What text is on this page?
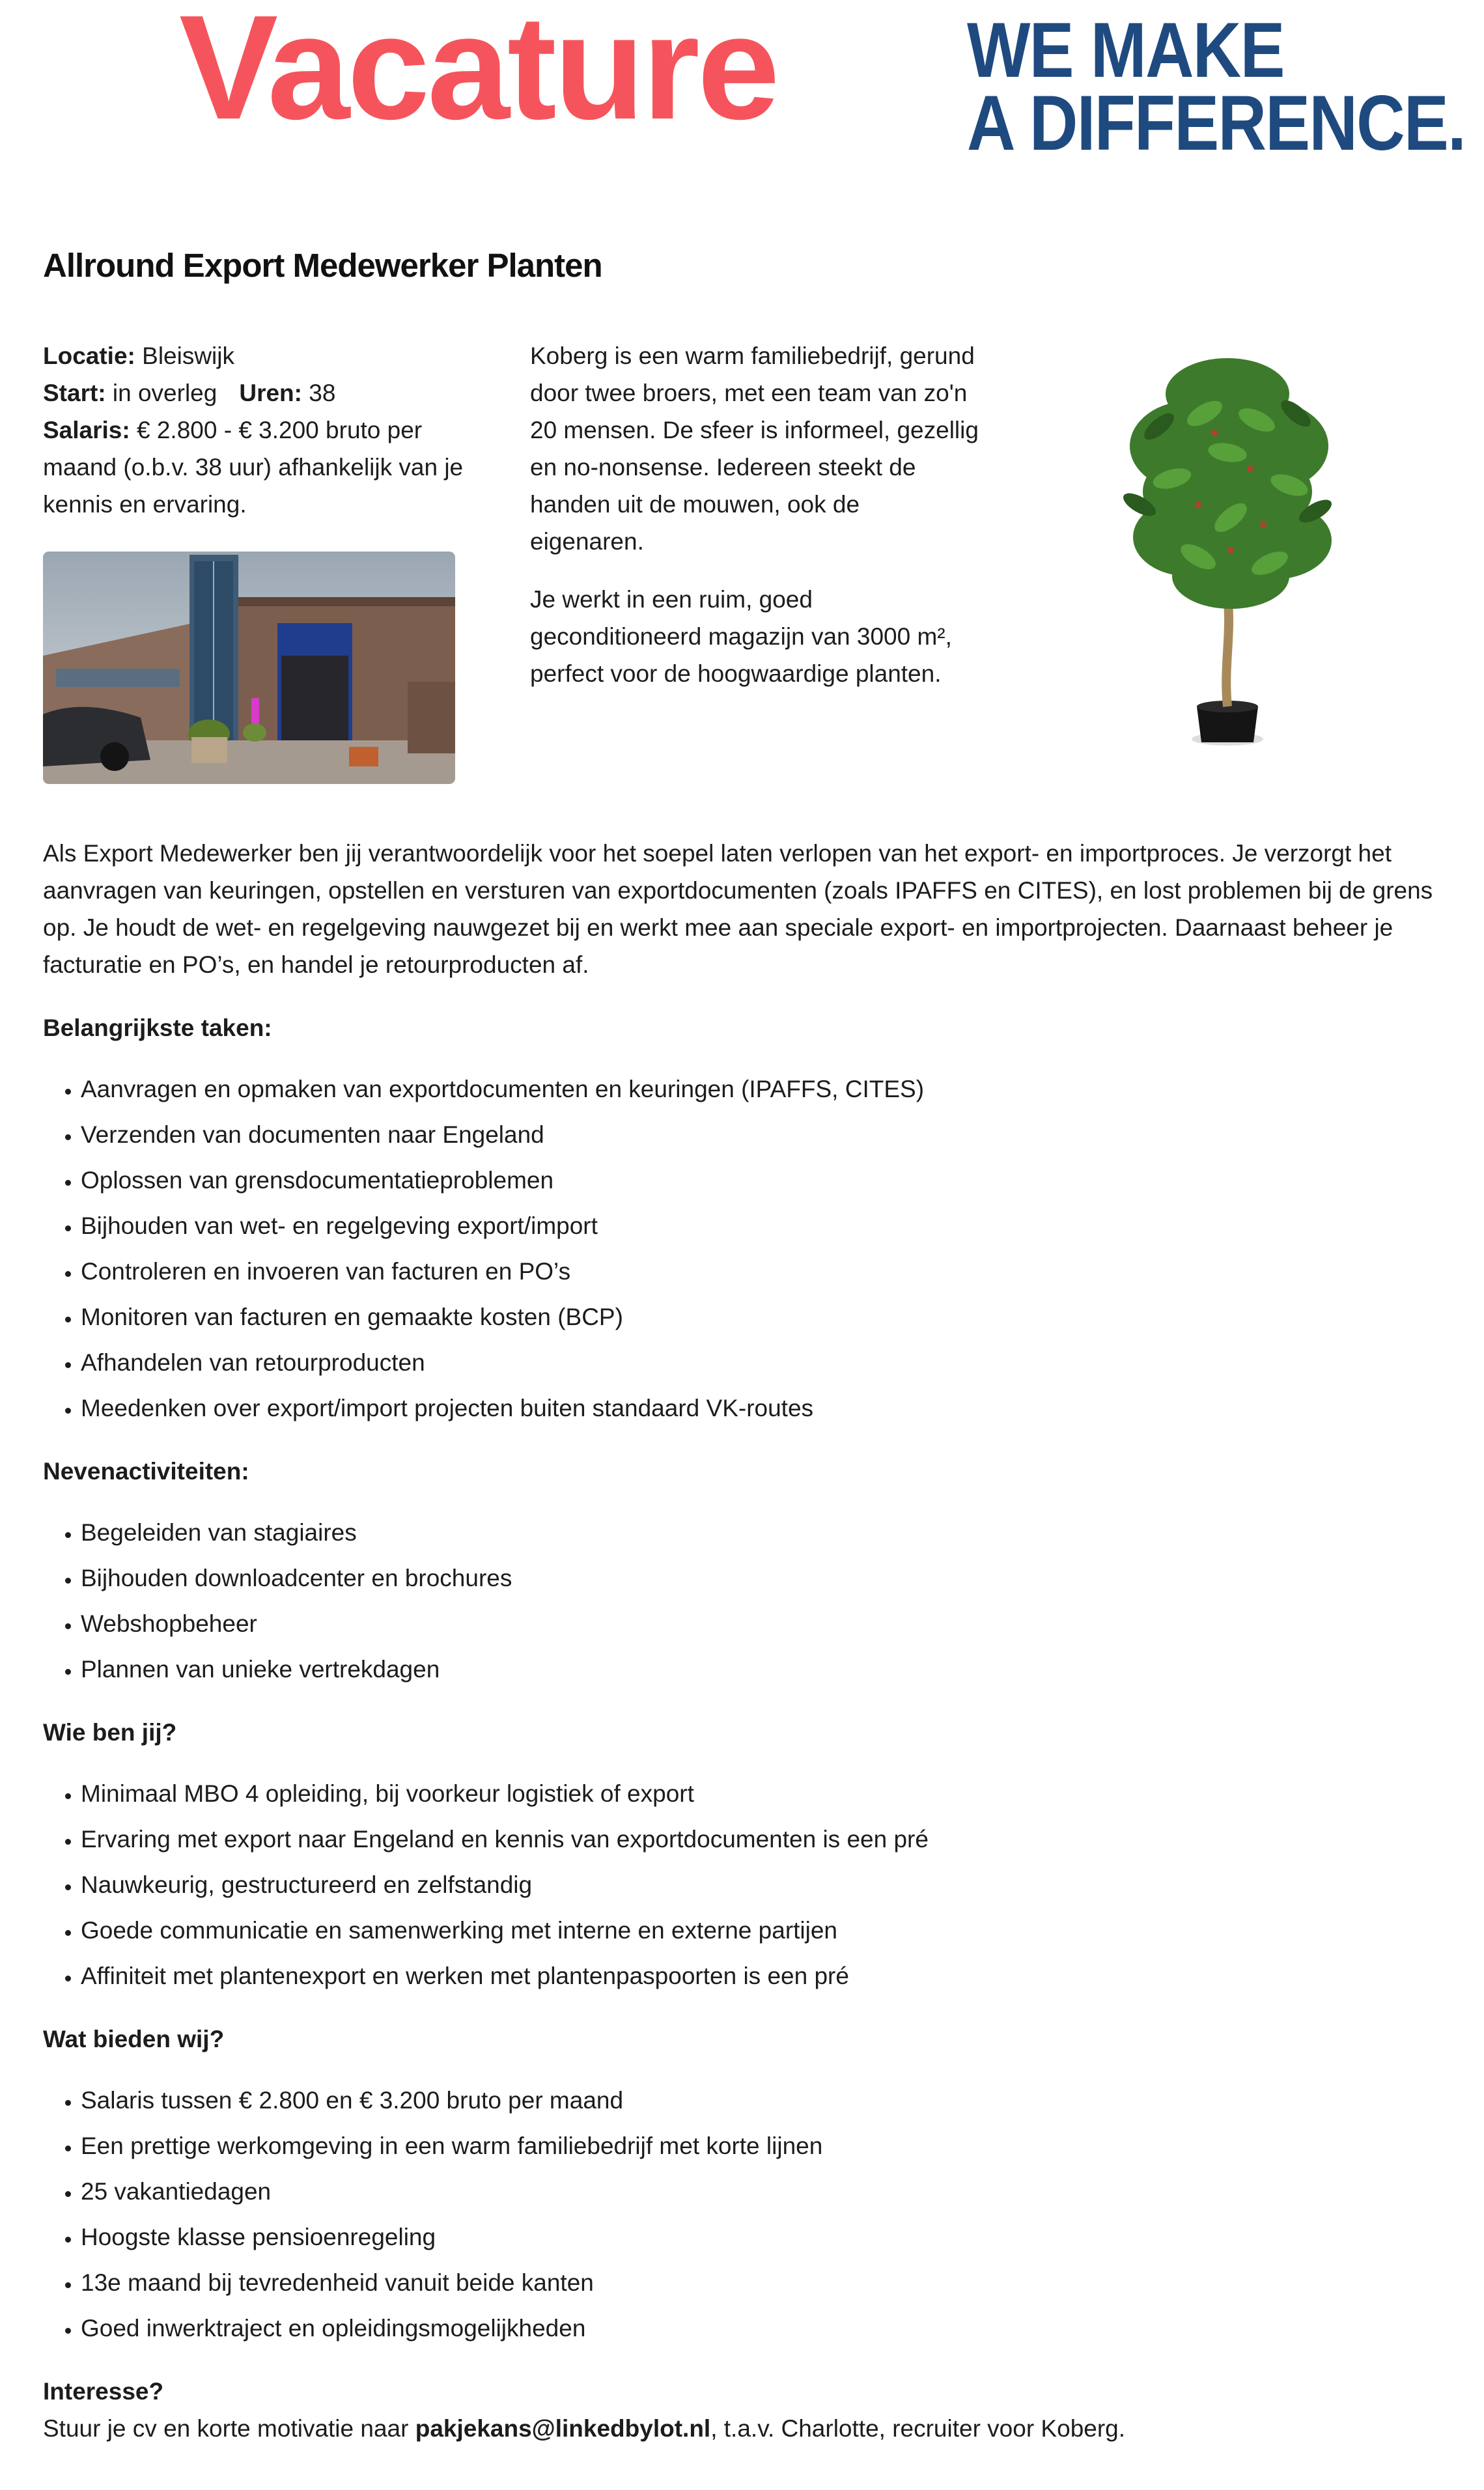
Vacature WE MAKE
A DIFFERENCE.
Allround Export Medewerker Planten

Locatie: Bleiswijk

Start: in overleg Uren: 38

Salaris: € 2.800 - € 3.200 bruto per maand (o.b.v. 38 uur) afhankelijk van je kennis en ervaring.

Koberg is een warm familiebedrijf, gerund door twee broers, met een team van zo'n 20 mensen. De sfeer is informeel, gezellig en no-nonsense. Iedereen steekt de handen uit de mouwen, ook de eigenaren.

Je werkt in een ruim, goed geconditioneerd magazijn van 3000 m², perfect voor de hoogwaardige planten.

Als Export Medewerker ben jij verantwoordelijk voor het soepel laten verlopen van het export- en importproces. Je verzorgt het aanvragen van keuringen, opstellen en versturen van exportdocumenten (zoals IPAFFS en CITES), en lost problemen bij de grens op. Je houdt de wet- en regelgeving nauwgezet bij en werkt mee aan speciale export- en importprojecten. Daarnaast beheer je facturatie en PO’s, en handel je retourproducten af.

Belangrijkste taken:
• Aanvragen en opmaken van exportdocumenten en keuringen (IPAFFS, CITES)
• Verzenden van documenten naar Engeland
• Oplossen van grensdocumentatieproblemen
• Bijhouden van wet- en regelgeving export/import
• Controleren en invoeren van facturen en PO’s
• Monitoren van facturen en gemaakte kosten (BCP)
• Afhandelen van retourproducten
• Meedenken over export/import projecten buiten standaard VK-routes
Nevenactiviteiten:
• Begeleiden van stagiaires
• Bijhouden downloadcenter en brochures
• Webshopbeheer
• Plannen van unieke vertrekdagen
Wie ben jij?
• Minimaal MBO 4 opleiding, bij voorkeur logistiek of export
• Ervaring met export naar Engeland en kennis van exportdocumenten is een pré
• Nauwkeurig, gestructureerd en zelfstandig
• Goede communicatie en samenwerking met interne en externe partijen
• Affiniteit met plantenexport en werken met plantenpaspoorten is een pré
Wat bieden wij?
• Salaris tussen € 2.800 en € 3.200 bruto per maand
• Een prettige werkomgeving in een warm familiebedrijf met korte lijnen
• 25 vakantiedagen
• Hoogste klasse pensioenregeling
• 13e maand bij tevredenheid vanuit beide kanten
• Goed inwerktraject en opleidingsmogelijkheden
Interesse?
Stuur je cv en korte motivatie naar pakjekans@linkedbylot.nl, t.a.v. Charlotte, recruiter voor Koberg.
